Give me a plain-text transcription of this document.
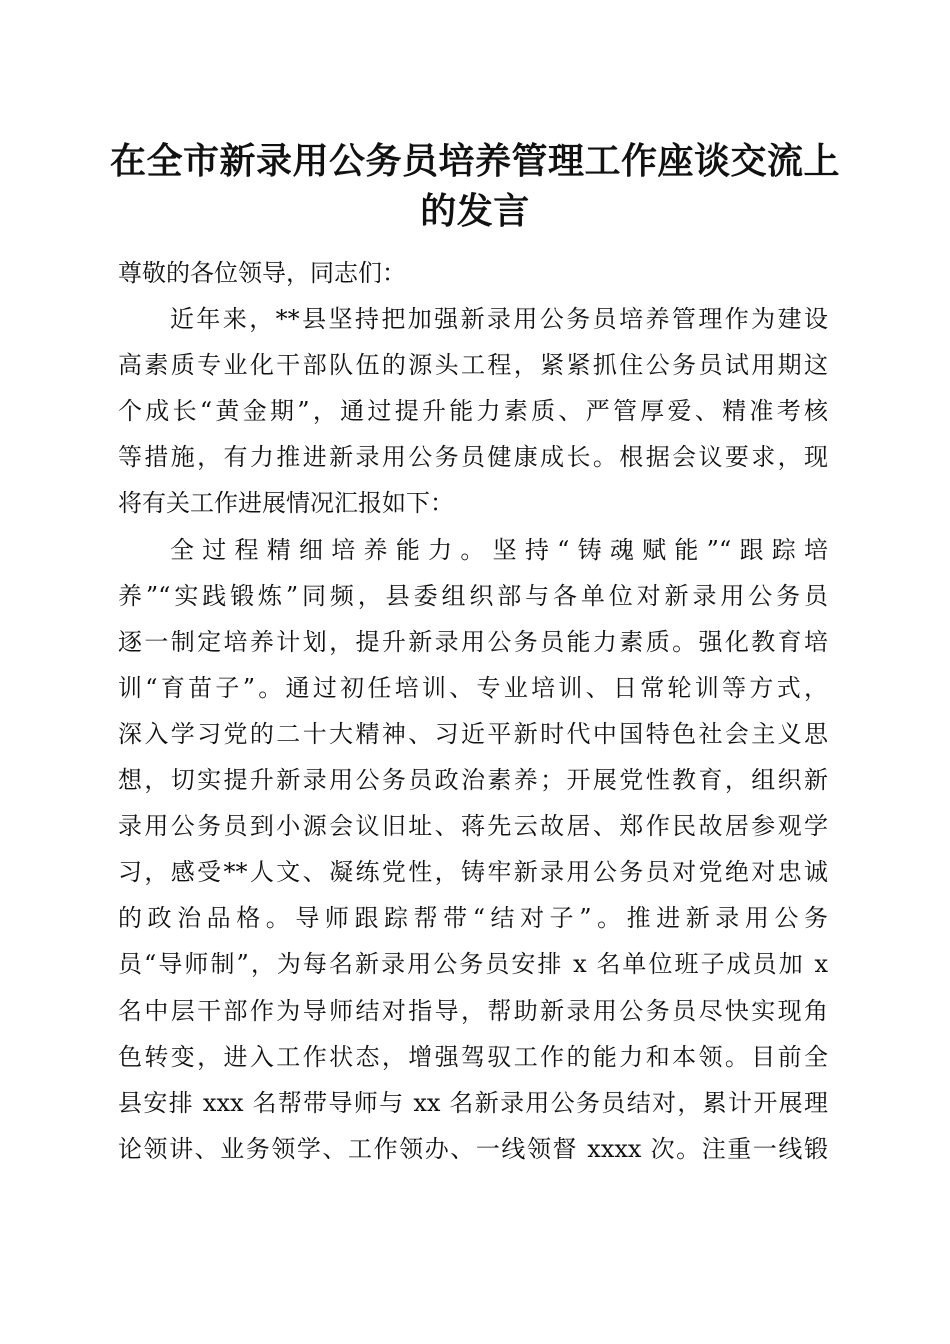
在全市新录用公务员培养管理工作座谈交流上
的发言
尊敬的各位领导，同志们：
近年来，**县坚持把加强新录用公务员培养管理作为建设
高素质专业化干部队伍的源头工程，紧紧抓住公务员试用期这
个成长“黄金期”，通过提升能力素质、严管厚爱、精准考核
等措施，有力推进新录用公务员健康成长。根据会议要求，现
将有关工作进展情况汇报如下：
全过程精细培养能力。坚持“铸魂赋能”“跟踪培
养”“实践锻炼”同频，县委组织部与各单位对新录用公务员
逐一制定培养计划，提升新录用公务员能力素质。强化教育培
训“育苗子”。通过初任培训、专业培训、日常轮训等方式，
深入学习党的二十大精神、习近平新时代中国特色社会主义思
想，切实提升新录用公务员政治素养；开展党性教育，组织新
录用公务员到小源会议旧址、蒋先云故居、郑作民故居参观学
习，感受**人文、凝练党性，铸牢新录用公务员对党绝对忠诚
的政治品格。导师跟踪帮带“结对子”。推进新录用公务
员“导师制”，为每名新录用公务员安排 x 名单位班子成员加 x
名中层干部作为导师结对指导，帮助新录用公务员尽快实现角
色转变，进入工作状态，增强驾驭工作的能力和本领。目前全
县安排 xxx 名帮带导师与 xx 名新录用公务员结对，累计开展理
论领讲、业务领学、工作领办、一线领督 xxxx 次。注重一线锻
